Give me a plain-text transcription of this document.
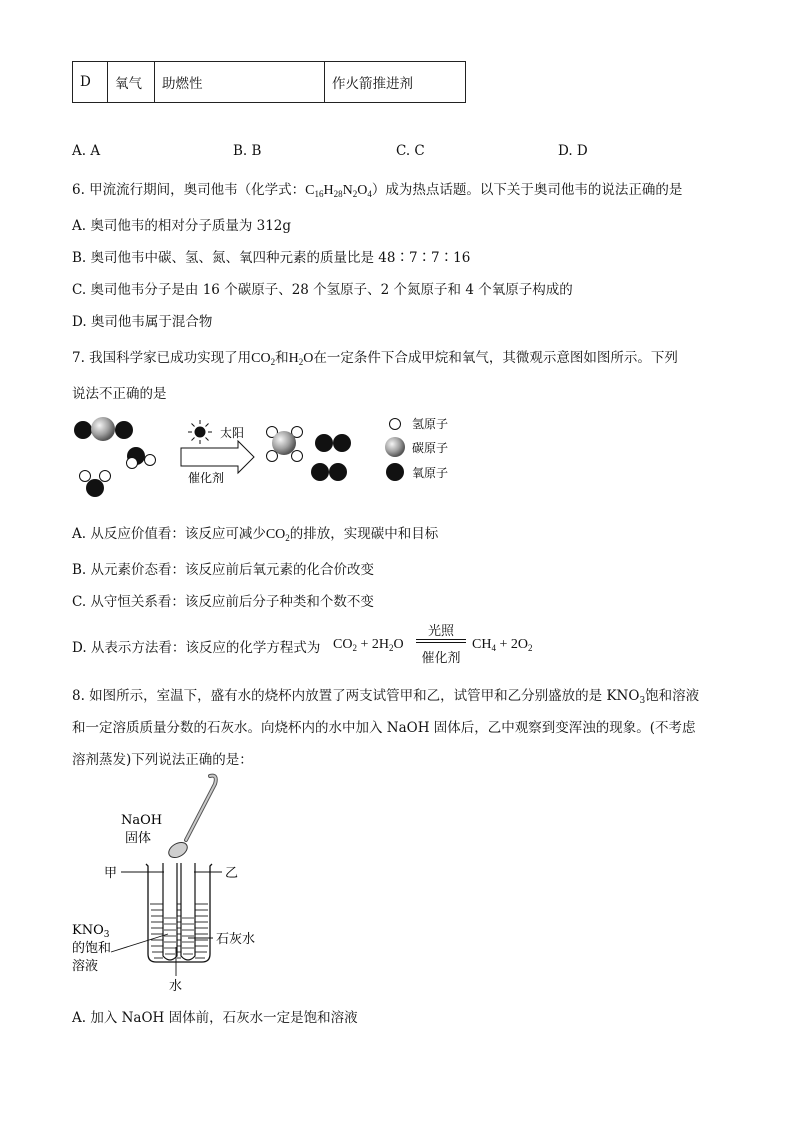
D	氧气	助燃性	作火箭推进剂
A. A	B. B	C. C	D. D
6. 甲流流行期间，奥司他韦（化学式：$C_{16}H_{28}N_2O_4$）成为热点话题。以下关于奥司他韦的说法正确的是
A. 奥司他韦的相对分子质量为 312g
B. 奥司他韦中碳、氢、氮、氧四种元素的质量比是 48∶7∶7∶16
C. 奥司他韦分子是由 16 个碳原子、28 个氢原子、2 个氮原子和 4 个氧原子构成的
D. 奥司他韦属于混合物
7. 我国科学家已成功实现了用$CO_2$和$H_2O$在一定条件下合成甲烷和氧气，其微观示意图如图所示。下列
说法不正确的是
太阳
催化剂
氢原子
碳原子
氧原子
A. 从反应价值看：该反应可减少$CO_2$的排放，实现碳中和目标
B. 从元素价态看：该反应前后氧元素的化合价改变
C. 从守恒关系看：该反应前后分子种类和个数不变
D. 从表示方法看：该反应的化学方程式为 $CO_2 + 2H_2O$
光照
催化剂
$CH_4 + 2O_2$
8. 如图所示，室温下，盛有水的烧杯内放置了两支试管甲和乙，试管甲和乙分别盛放的是 $KNO_3$饱和溶液
和一定溶质质量分数的石灰水。向烧杯内的水中加入 NaOH 固体后，乙中观察到变浑浊的现象。(不考虑
溶剂蒸发)下列说法正确的是：
NaOH
固体
甲	乙
$KNO_3$
的饱和
溶液
石灰水
水
A. 加入 NaOH 固体前，石灰水一定是饱和溶液
